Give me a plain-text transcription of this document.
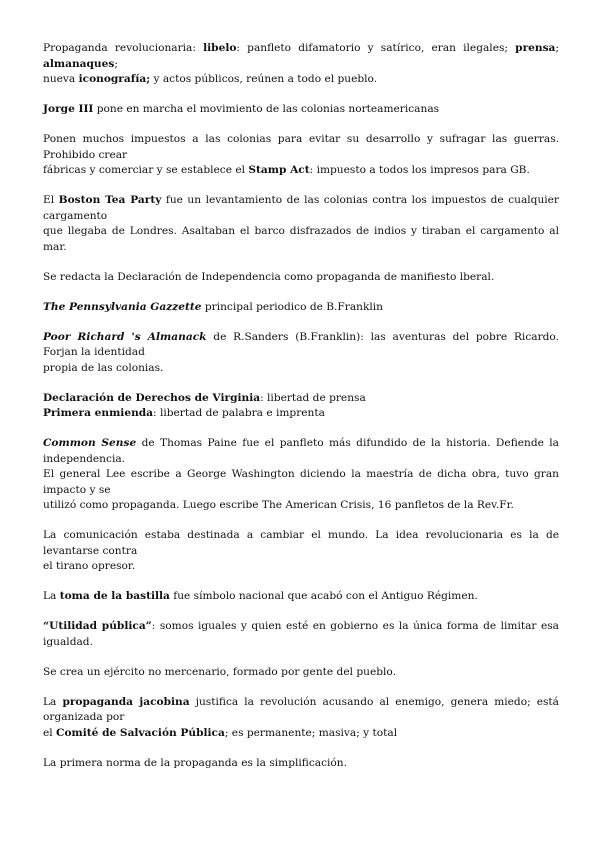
Propaganda revolucionaria: libelo: panfleto difamatorio y satírico, eran ilegales; prensa; almanaques;
nueva iconografía; y actos públicos, reúnen a todo el pueblo.

Jorge III pone en marcha el movimiento de las colonias norteamericanas

Ponen muchos impuestos a las colonias para evitar su desarrollo y sufragar las guerras. Prohibido crear
fábricas y comerciar y se establece el Stamp Act: impuesto a todos los impresos para GB.

El Boston Tea Party fue un levantamiento de las colonias contra los impuestos de cualquier cargamento
que llegaba de Londres. Asaltaban el barco disfrazados de indios y tiraban el cargamento al mar.

Se redacta la Declaración de Independencia como propaganda de manifiesto lberal.

The Pennsylvania Gazzette principal periodico de B.Franklin

Poor Richard 's Almanack de R.Sanders (B.Franklin): las aventuras del pobre Ricardo. Forjan la identidad
propia de las colonias.

Declaración de Derechos de Virginia: libertad de prensa
Primera enmienda: libertad de palabra e imprenta

Common Sense de Thomas Paine fue el panfleto más difundido de la historia. Defiende la independencia.
El general Lee escribe a George Washington diciendo la maestría de dicha obra, tuvo gran impacto y se
utilizó como propaganda. Luego escribe The American Crisis, 16 panfletos de la Rev.Fr.

La comunicación estaba destinada a cambiar el mundo. La idea revolucionaria es la de levantarse contra
el tirano opresor.

La toma de la bastilla fue símbolo nacional que acabó con el Antiguo Régimen.

“Utilidad pública”: somos iguales y quien esté en gobierno es la única forma de limitar esa igualdad.

Se crea un ejército no mercenario, formado por gente del pueblo.

La propaganda jacobina justifica la revolución acusando al enemigo, genera miedo; está organizada por
el Comité de Salvación Pública; es permanente; masiva; y total

La primera norma de la propaganda es la simplificación.
